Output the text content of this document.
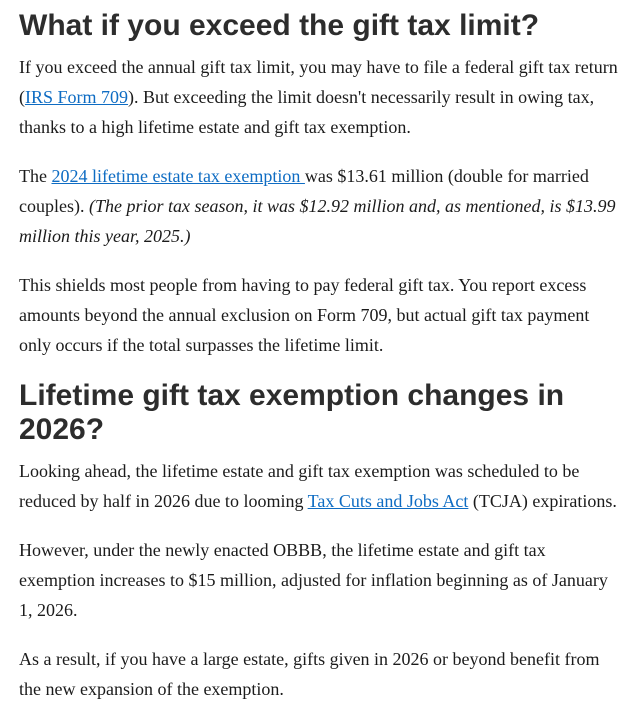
What if you exceed the gift tax limit?

If you exceed the annual gift tax limit, you may have to file a federal gift tax return (IRS Form 709). But exceeding the limit doesn't necessarily result in owing tax, thanks to a high lifetime estate and gift tax exemption.

The 2024 lifetime estate tax exemption was $13.61 million (double for married couples). (The prior tax season, it was $12.92 million and, as mentioned, is $13.99 million this year, 2025.)

This shields most people from having to pay federal gift tax. You report excess amounts beyond the annual exclusion on Form 709, but actual gift tax payment only occurs if the total surpasses the lifetime limit.

Lifetime gift tax exemption changes in 2026?

Looking ahead, the lifetime estate and gift tax exemption was scheduled to be reduced by half in 2026 due to looming Tax Cuts and Jobs Act (TCJA) expirations.

However, under the newly enacted OBBB, the lifetime estate and gift tax exemption increases to $15 million, adjusted for inflation beginning as of January 1, 2026.

As a result, if you have a large estate, gifts given in 2026 or beyond benefit from the new expansion of the exemption.
